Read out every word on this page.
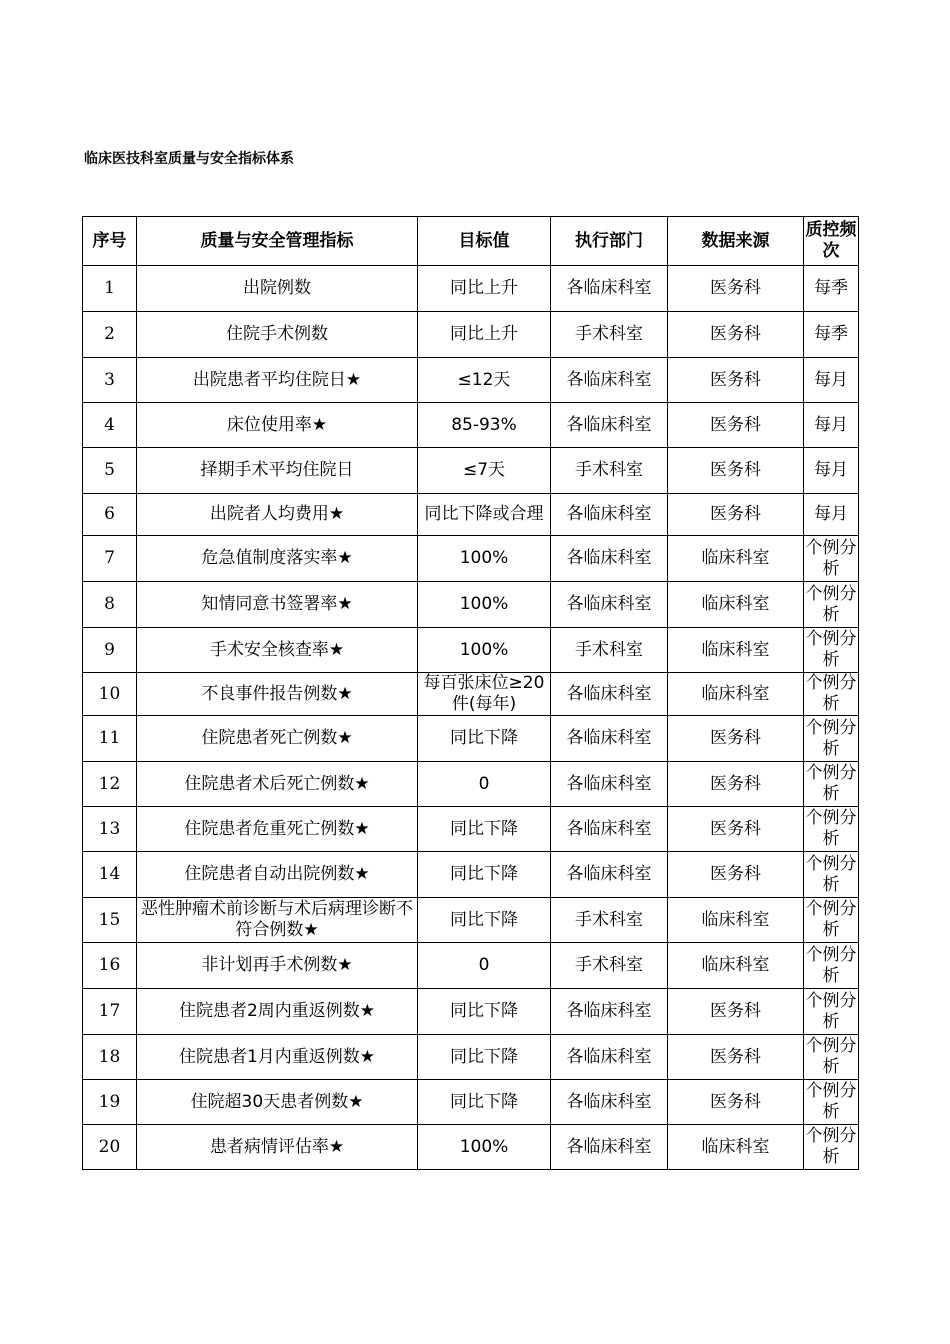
临床医技科室质量与安全指标体系
序号	质量与安全管理指标	目标值	执行部门	数据来源	质控频次
1	出院例数	同比上升	各临床科室	医务科	每季
2	住院手术例数	同比上升	手术科室	医务科	每季
3	出院患者平均住院日★	≤12天	各临床科室	医务科	每月
4	床位使用率★	85-93%	各临床科室	医务科	每月
5	择期手术平均住院日	≤7天	手术科室	医务科	每月
6	出院者人均费用★	同比下降或合理	各临床科室	医务科	每月
7	危急值制度落实率★	100%	各临床科室	临床科室	个例分析
8	知情同意书签署率★	100%	各临床科室	临床科室	个例分析
9	手术安全核查率★	100%	手术科室	临床科室	个例分析
10	不良事件报告例数★	每百张床位≥20件(每年)	各临床科室	临床科室	个例分析
11	住院患者死亡例数★	同比下降	各临床科室	医务科	个例分析
12	住院患者术后死亡例数★	0	各临床科室	医务科	个例分析
13	住院患者危重死亡例数★	同比下降	各临床科室	医务科	个例分析
14	住院患者自动出院例数★	同比下降	各临床科室	医务科	个例分析
15	恶性肿瘤术前诊断与术后病理诊断不符合例数★	同比下降	手术科室	临床科室	个例分析
16	非计划再手术例数★	0	手术科室	临床科室	个例分析
17	住院患者2周内重返例数★	同比下降	各临床科室	医务科	个例分析
18	住院患者1月内重返例数★	同比下降	各临床科室	医务科	个例分析
19	住院超30天患者例数★	同比下降	各临床科室	医务科	个例分析
20	患者病情评估率★	100%	各临床科室	临床科室	个例分析
